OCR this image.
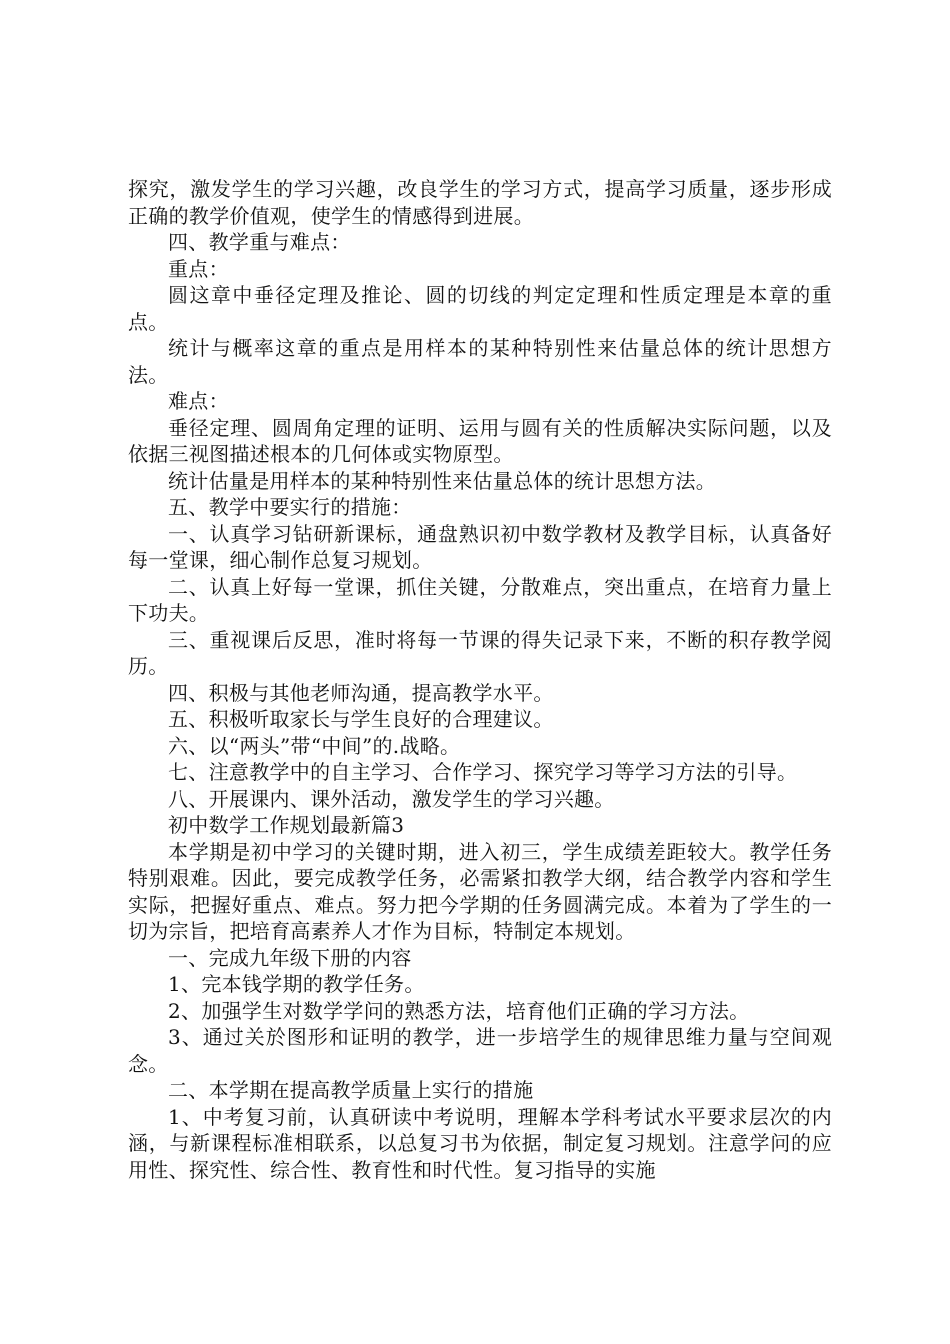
探究，激发学生的学习兴趣，改良学生的学习方式，提高学习质量，逐步形成正确的教学价值观，使学生的情感得到进展。

四、教学重与难点：

重点：

圆这章中垂径定理及推论、圆的切线的判定定理和性质定理是本章的重点。

统计与概率这章的重点是用样本的某种特别性来估量总体的统计思想方法。

难点：

垂径定理、圆周角定理的证明、运用与圆有关的性质解决实际问题，以及依据三视图描述根本的几何体或实物原型。

统计估量是用样本的某种特别性来估量总体的统计思想方法。

五、教学中要实行的措施：

一、认真学习钻研新课标，通盘熟识初中数学教材及教学目标，认真备好每一堂课，细心制作总复习规划。

二、认真上好每一堂课，抓住关键，分散难点，突出重点，在培育力量上下功夫。

三、重视课后反思，准时将每一节课的得失记录下来，不断的积存教学阅历。

四、积极与其他老师沟通，提高教学水平。

五、积极听取家长与学生良好的合理建议。

六、以“两头”带“中间”的.战略。

七、注意教学中的自主学习、合作学习、探究学习等学习方法的引导。

八、开展课内、课外活动，激发学生的学习兴趣。

初中数学工作规划最新篇3

本学期是初中学习的关键时期，进入初三，学生成绩差距较大。教学任务特别艰难。因此，要完成教学任务，必需紧扣教学大纲，结合教学内容和学生实际，把握好重点、难点。努力把今学期的任务圆满完成。本着为了学生的一切为宗旨，把培育高素养人才作为目标，特制定本规划。

一、完成九年级下册的内容

1、完本钱学期的教学任务。

2、加强学生对数学学问的熟悉方法，培育他们正确的学习方法。

3、通过关於图形和证明的教学，进一步培学生的规律思维力量与空间观念。

二、本学期在提高教学质量上实行的措施

1、中考复习前，认真研读中考说明，理解本学科考试水平要求层次的内涵，与新课程标准相联系，以总复习书为依据，制定复习规划。注意学问的应用性、探究性、综合性、教育性和时代性。复习指导的实施
